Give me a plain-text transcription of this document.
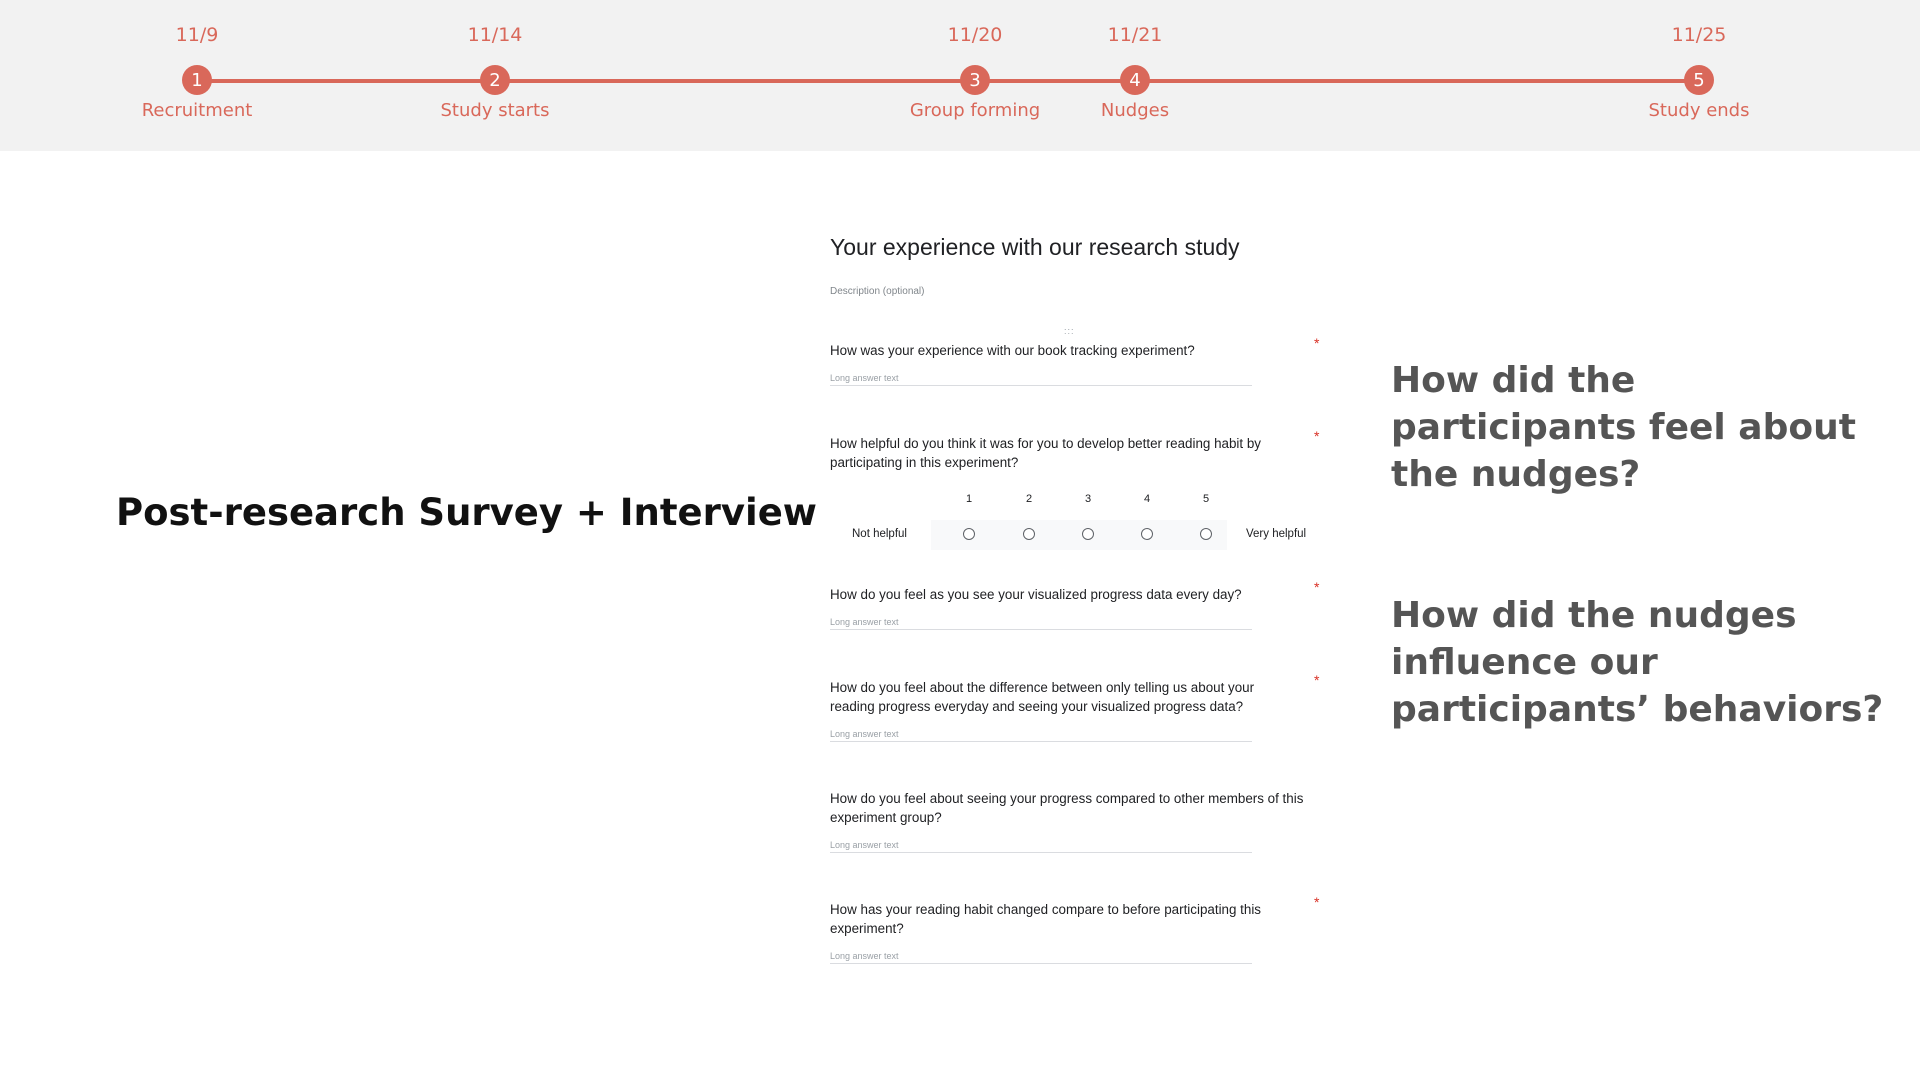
11/9
1
Recruitment
11/14
2
Study starts
11/20
3
Group forming
11/21
4
Nudges
11/25
5
Study ends
Post-research Survey + Interview
Your experience with our research study
Description (optional)
:::
How was your experience with our book tracking experiment?	*
Long answer text
How helpful do you think it was for you to develop better reading habit by participating in this experiment?
*
1	2	3	4	5
Not helpful	Very helpful
How do you feel as you see your visualized progress data every day?	*
Long answer text
How do you feel about the difference between only telling us about your reading progress everyday and seeing your visualized progress data?
*
Long answer text
How do you feel about seeing your progress compared to other members of this experiment group?
Long answer text
How has your reading habit changed compare to before participating this experiment?
*
Long answer text
How did the
participants feel about
the nudges?
How did the nudges
influence our
participants’ behaviors?
